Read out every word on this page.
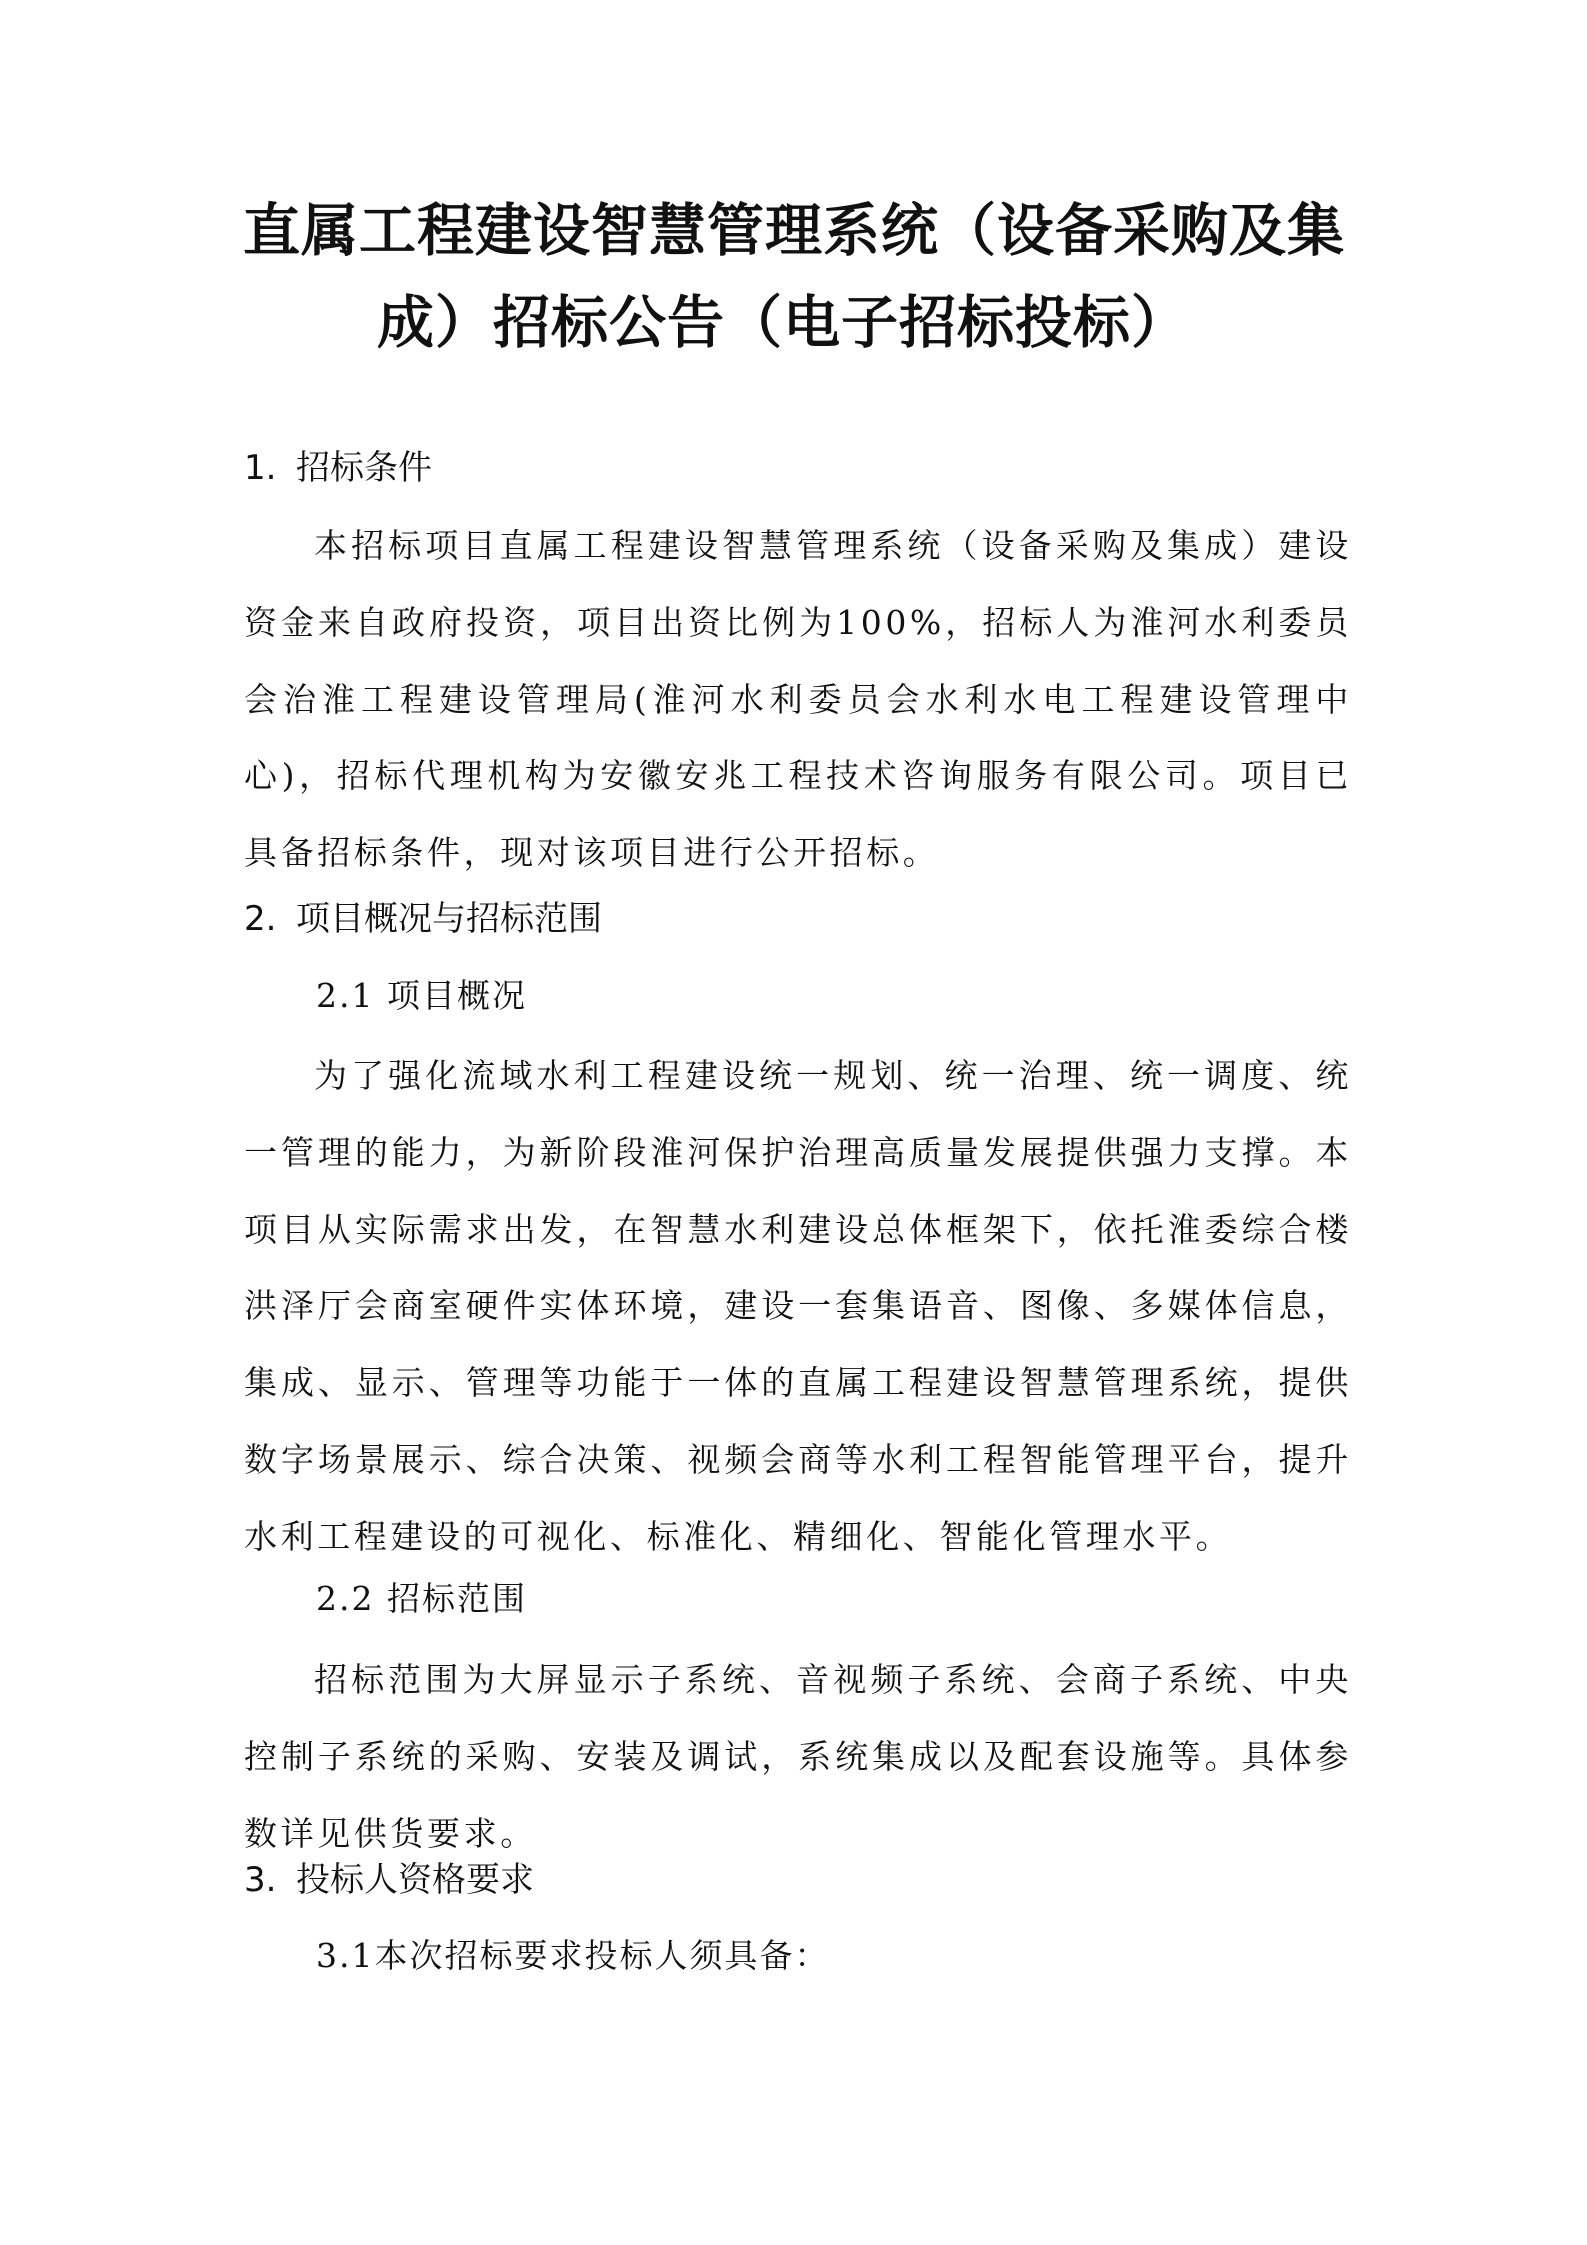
直属工程建设智慧管理系统（设备采购及集
成）招标公告（电子招标投标）
1. 招标条件

本招标项目直属工程建设智慧管理系统（设备采购及集成）建设资金来自政府投资，项目出资比例为100%，招标人为淮河水利委员会治淮工程建设管理局(淮河水利委员会水利水电工程建设管理中心)，招标代理机构为安徽安兆工程技术咨询服务有限公司。项目已具备招标条件，现对该项目进行公开招标。

2. 项目概况与招标范围
2.1 项目概况

为了强化流域水利工程建设统一规划、统一治理、统一调度、统一管理的能力，为新阶段淮河保护治理高质量发展提供强力支撑。本项目从实际需求出发，在智慧水利建设总体框架下，依托淮委综合楼洪泽厅会商室硬件实体环境，建设一套集语音、图像、多媒体信息，集成、显示、管理等功能于一体的直属工程建设智慧管理系统，提供数字场景展示、综合决策、视频会商等水利工程智能管理平台，提升水利工程建设的可视化、标准化、精细化、智能化管理水平。

2.2 招标范围

招标范围为大屏显示子系统、音视频子系统、会商子系统、中央控制子系统的采购、安装及调试，系统集成以及配套设施等。具体参数详见供货要求。

3. 投标人资格要求
3.1本次招标要求投标人须具备：
